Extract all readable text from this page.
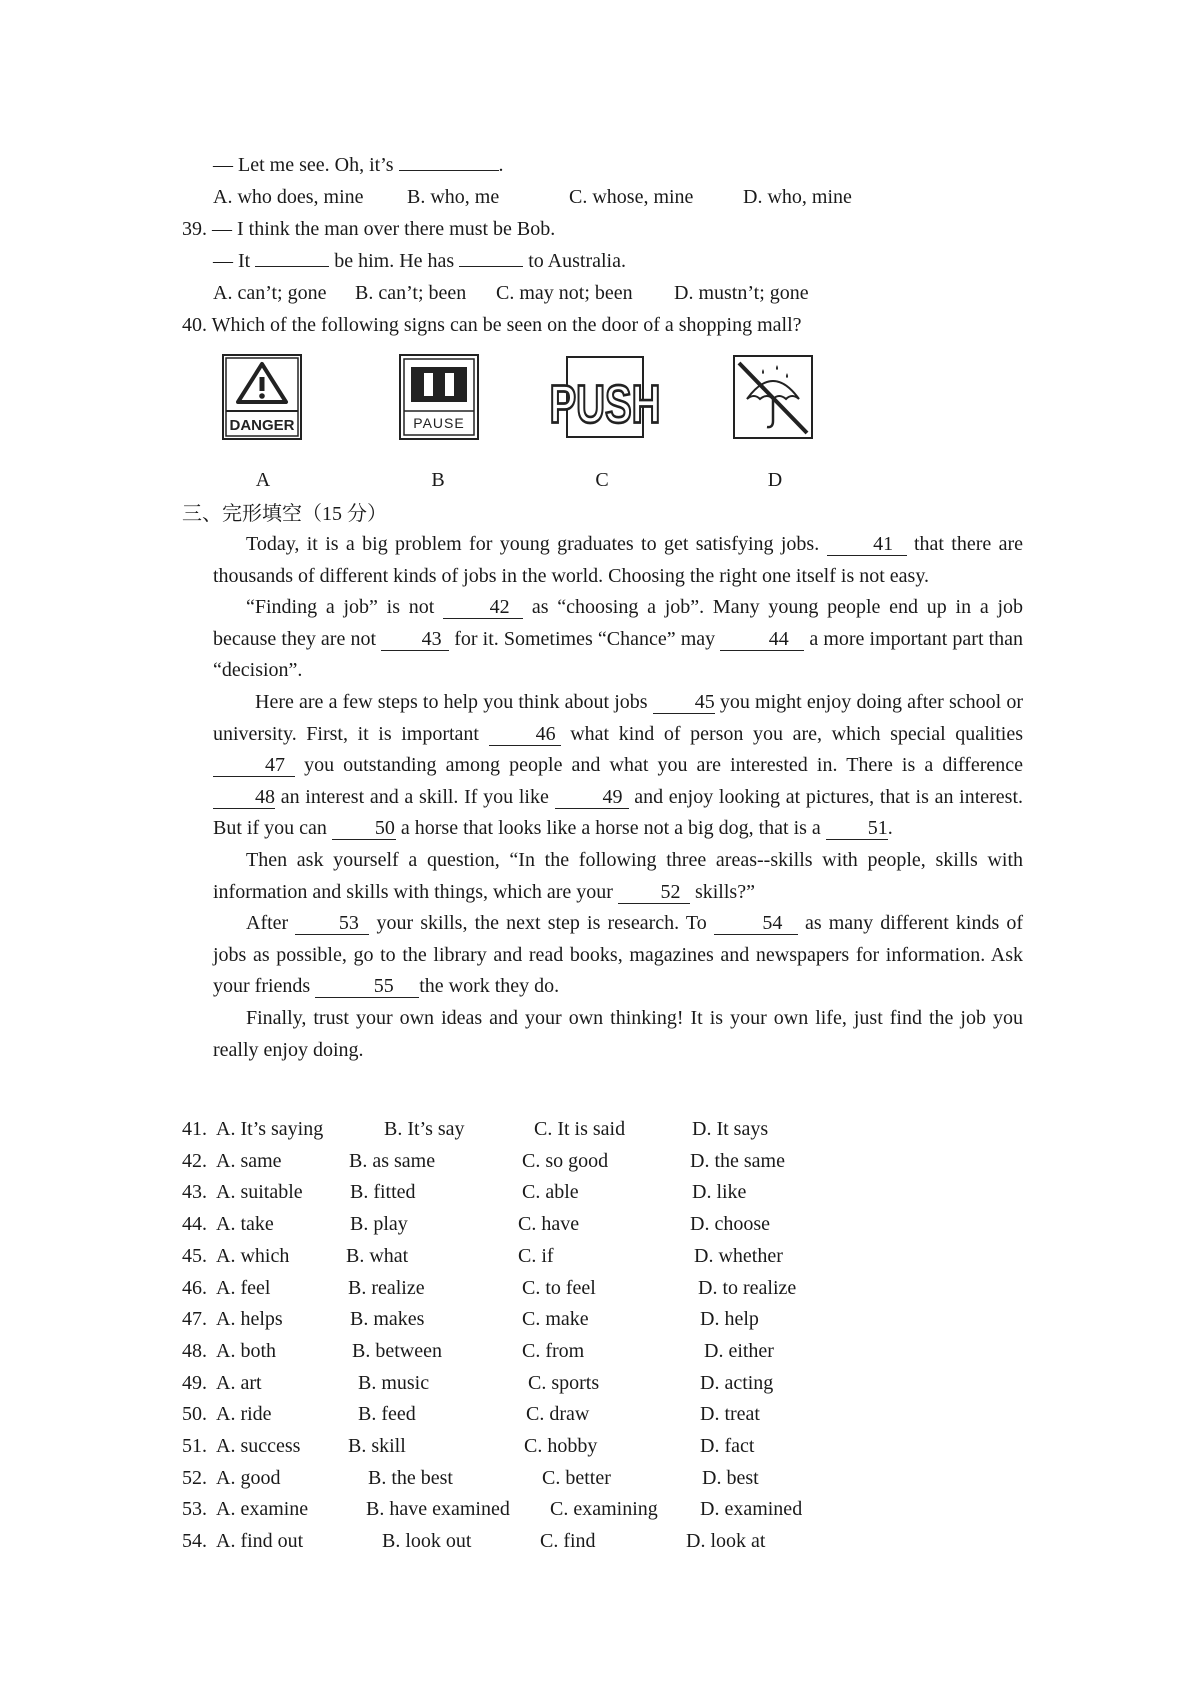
— Let me see. Oh, it’s	.
A. who does, mine B. who, me	C. whose, mine D. who, mine
39. — I think the man over there must be Bob.
— It	be him. He has	to Australia.
A. can’t; gone B. can’t; been C. may not; been D. mustn’t; gone
40. Which of the following signs can be seen on the door of a shopping mall?
DANGER	PAUSE PUSH
A	B	C	D
三、完形填空（15 分）
Today, it is a big problem for young graduates to get satisfying jobs.	41 that there are thousands of different kinds of jobs in the world. Choosing the right one itself is not easy.
“Finding a job” is not	42 as “choosing a job”. Many young people end up in a job because they are not 43 for it. Sometimes “Chance” may	44 a more important part than “decision”.
Here are a few steps to help you think about jobs 45 you might enjoy doing after school or university. First, it is important	46 what kind of person you are, which special qualities 47 you outstanding among people and what you are interested in. There is a difference 48 an interest and a skill. If you like	49 and enjoy looking at pictures, that is an interest. But if you can 50 a horse that looks like a horse not a big dog, that is a 51.
Then ask yourself a question, “In the following three areas--skills with people, skills with information and skills with things, which are your 52 skills?”
After	53 your skills, the next step is research. To	54 as many different kinds of jobs as possible, go to the library and read books, magazines and newspapers for information. Ask your friends	55 the work they do.
Finally, trust your own ideas and your own thinking! It is your own life, just find the job you really enjoy doing.
41. A. It’s saying	B. It’s say	C. It is said	D. It says
42. A. same	B. as same	C. so good	D. the same
43. A. suitable B. fitted	C. able	D. like
44. A. take	B. play	C. have	D. choose
45. A. which	B. what	C. if	D. whether
46. A. feel	B. realize	C. to feel	D. to realize
47. A. helps	B. makes	C. make	D. help
48. A. both	B. between	C. from	D. either
49. A. art	B. music	C. sports	D. acting
50. A. ride	B. feed	C. draw	D. treat
51. A. success B. skill	C. hobby	D. fact
52. A. good	B. the best	C. better	D. best
53. A. examine	B. have examined C. examining D. examined
54. A. find out	B. look out	C. find	D. look at
